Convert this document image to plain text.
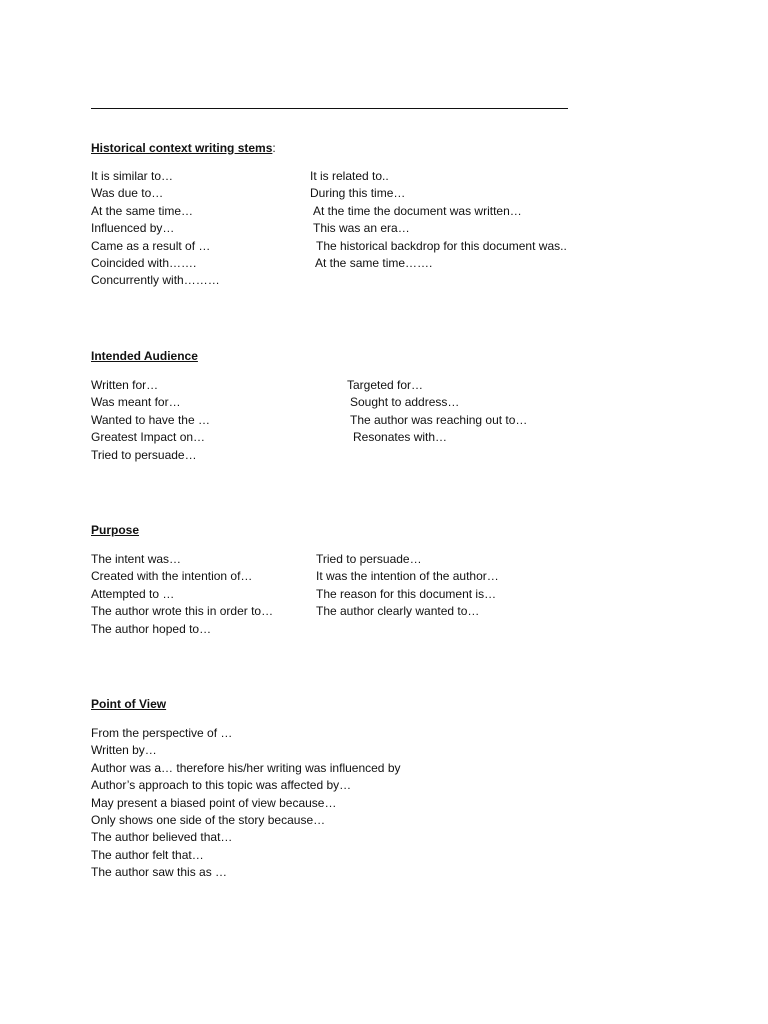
Historical context writing stems:
It is similar to…
Was due to…
At the same time…
Influenced by…
Came as a result of …
Coincided with…….
Concurrently with………
It is related to..
During this time…
At the time the document was written…
This was an era…
The historical backdrop for this document was..
At the same time…….
Intended Audience
Written for…
Was meant for…
Wanted to have the …
Greatest Impact on…
Tried to persuade…
Targeted for…
Sought to address…
The author was reaching out to…
Resonates with…
Purpose
The intent was…
Created with the intention of…
Attempted to …
The author wrote this in order to…
The author hoped to…
Tried to persuade…
It was the intention of the author…
The reason for this document is…
The author clearly wanted to…
Point of View
From the perspective of …
Written by…
Author was a… therefore his/her writing was influenced by
Author’s approach to this topic was affected by…
May present a biased point of view because…
Only shows one side of the story because…
The author believed that…
The author felt that…
The author saw this as …
